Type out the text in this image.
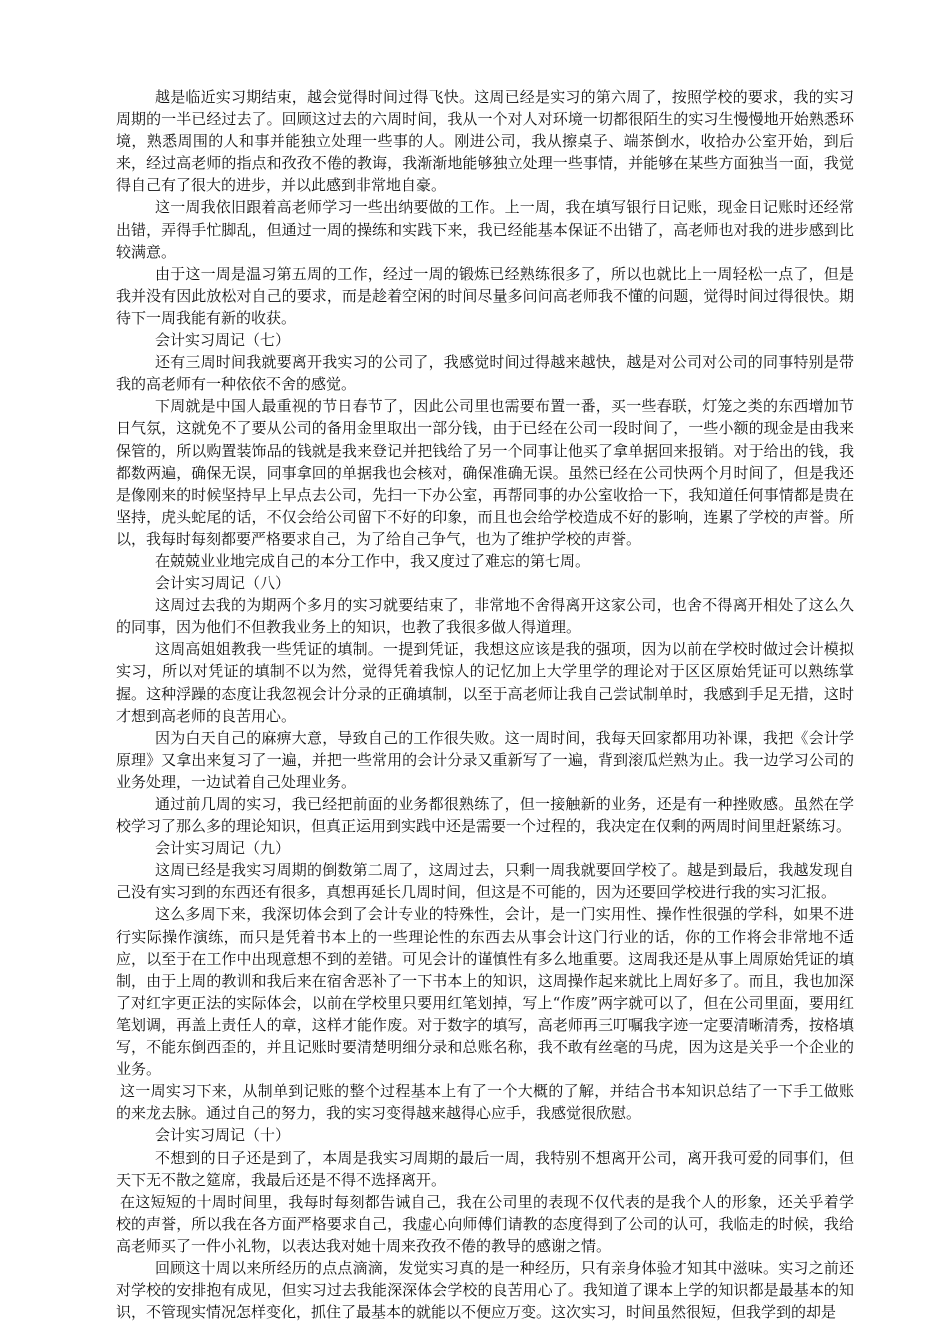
越是临近实习期结束，越会觉得时间过得飞快。这周已经是实习的第六周了，按照学校的要求，我的实习周期的一半已经过去了。回顾这过去的六周时间，我从一个对人对环境一切都很陌生的实习生慢慢地开始熟悉环境，熟悉周围的人和事并能独立处理一些事的人。刚进公司，我从擦桌子、端茶倒水，收拾办公室开始，到后来，经过高老师的指点和孜孜不倦的教诲，我渐渐地能够独立处理一些事情，并能够在某些方面独当一面，我觉得自己有了很大的进步，并以此感到非常地自豪。

这一周我依旧跟着高老师学习一些出纳要做的工作。上一周，我在填写银行日记账，现金日记账时还经常出错，弄得手忙脚乱，但通过一周的操练和实践下来，我已经能基本保证不出错了，高老师也对我的进步感到比较满意。

由于这一周是温习第五周的工作，经过一周的锻炼已经熟练很多了，所以也就比上一周轻松一点了，但是我并没有因此放松对自己的要求，而是趁着空闲的时间尽量多问问高老师我不懂的问题，觉得时间过得很快。期待下一周我能有新的收获。

会计实习周记（七）

还有三周时间我就要离开我实习的公司了，我感觉时间过得越来越快，越是对公司对公司的同事特别是带我的高老师有一种依依不舍的感觉。

下周就是中国人最重视的节日春节了，因此公司里也需要布置一番，买一些春联，灯笼之类的东西增加节日气氛，这就免不了要从公司的备用金里取出一部分钱，由于已经在公司一段时间了，一些小额的现金是由我来保管的，所以购置装饰品的钱就是我来登记并把钱给了另一个同事让他买了拿单据回来报销。对于给出的钱，我都数两遍，确保无误，同事拿回的单据我也会核对，确保准确无误。虽然已经在公司快两个月时间了，但是我还是像刚来的时候坚持早上早点去公司，先扫一下办公室，再帮同事的办公室收拾一下，我知道任何事情都是贵在坚持，虎头蛇尾的话，不仅会给公司留下不好的印象，而且也会给学校造成不好的影响，连累了学校的声誉。所以，我每时每刻都要严格要求自己，为了给自己争气，也为了维护学校的声誉。

在兢兢业业地完成自己的本分工作中，我又度过了难忘的第七周。

会计实习周记（八）

这周过去我的为期两个多月的实习就要结束了，非常地不舍得离开这家公司，也舍不得离开相处了这么久的同事，因为他们不但教我业务上的知识，也教了我很多做人得道理。

这周高姐姐教我一些凭证的填制。一提到凭证，我想这应该是我的强项，因为以前在学校时做过会计模拟实习，所以对凭证的填制不以为然，觉得凭着我惊人的记忆加上大学里学的理论对于区区原始凭证可以熟练掌握。这种浮躁的态度让我忽视会计分录的正确填制，以至于高老师让我自己尝试制单时，我感到手足无措，这时才想到高老师的良苦用心。

因为白天自己的麻痹大意，导致自己的工作很失败。这一周时间，我每天回家都用功补课，我把《会计学原理》又拿出来复习了一遍，并把一些常用的会计分录又重新写了一遍，背到滚瓜烂熟为止。我一边学习公司的业务处理，一边试着自己处理业务。

通过前几周的实习，我已经把前面的业务都很熟练了，但一接触新的业务，还是有一种挫败感。虽然在学校学习了那么多的理论知识，但真正运用到实践中还是需要一个过程的，我决定在仅剩的两周时间里赶紧练习。

会计实习周记（九）

这周已经是我实习周期的倒数第二周了，这周过去，只剩一周我就要回学校了。越是到最后，我越发现自己没有实习到的东西还有很多，真想再延长几周时间，但这是不可能的，因为还要回学校进行我的实习汇报。

这么多周下来，我深切体会到了会计专业的特殊性，会计，是一门实用性、操作性很强的学科，如果不进行实际操作演练，而只是凭着书本上的一些理论性的东西去从事会计这门行业的话，你的工作将会非常地不适应，以至于在工作中出现意想不到的差错。可见会计的谨慎性有多么地重要。这周我还是从事上周原始凭证的填制，由于上周的教训和我后来在宿舍恶补了一下书本上的知识，这周操作起来就比上周好多了。而且，我也加深了对红字更正法的实际体会，以前在学校里只要用红笔划掉，写上“作废”两字就可以了，但在公司里面，要用红笔划调，再盖上责任人的章，这样才能作废。对于数字的填写，高老师再三叮嘱我字迹一定要清晰清秀，按格填写，不能东倒西歪的，并且记账时要清楚明细分录和总账名称，我不敢有丝毫的马虎，因为这是关乎一个企业的业务。

这一周实习下来，从制单到记账的整个过程基本上有了一个大概的了解，并结合书本知识总结了一下手工做账的来龙去脉。通过自己的努力，我的实习变得越来越得心应手，我感觉很欣慰。

会计实习周记（十）

不想到的日子还是到了，本周是我实习周期的最后一周，我特别不想离开公司，离开我可爱的同事们，但天下无不散之筵席，我最后还是不得不选择离开。

在这短短的十周时间里，我每时每刻都告诫自己，我在公司里的表现不仅代表的是我个人的形象，还关乎着学校的声誉，所以我在各方面严格要求自己，我虚心向师傅们请教的态度得到了公司的认可，我临走的时候，我给高老师买了一件小礼物，以表达我对她十周来孜孜不倦的教导的感谢之情。

回顾这十周以来所经历的点点滴滴，发觉实习真的是一种经历，只有亲身体验才知其中滋味。实习之前还对学校的安排抱有成见，但实习过去我能深深体会学校的良苦用心了。我知道了课本上学的知识都是最基本的知识，不管现实情况怎样变化，抓住了最基本的就能以不便应万变。这次实习，时间虽然很短，但我学到的却是
